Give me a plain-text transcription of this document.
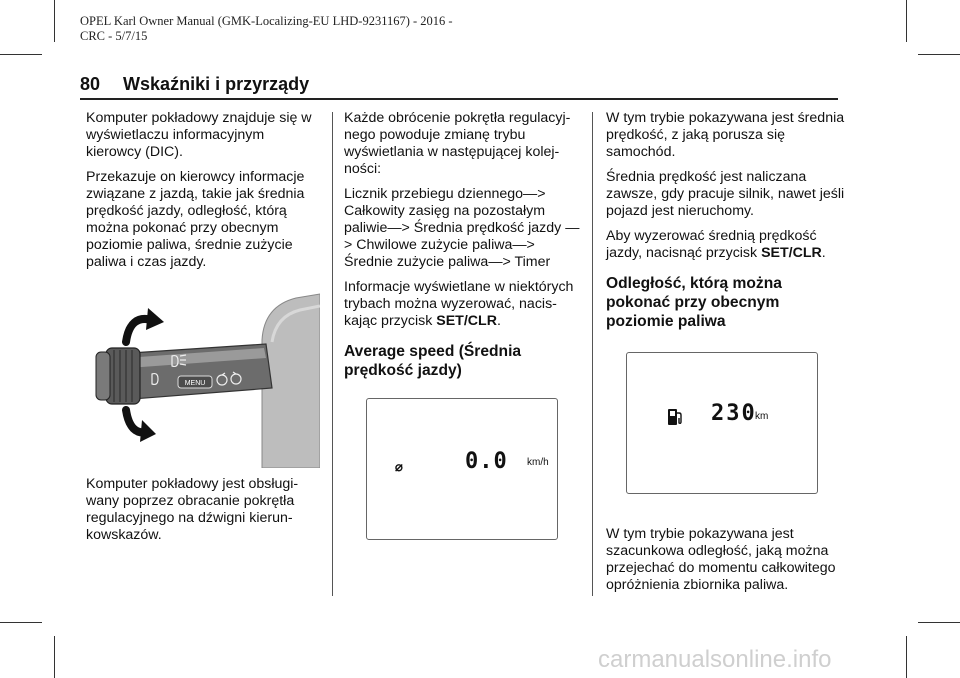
OPEL Karl Owner Manual (GMK-Localizing-EU LHD-9231167) - 2016 -
CRC - 5/7/15
80 Wskaźniki i przyrządy

Komputer pokładowy znajduje się w wyświetlaczu informacyjnym kierowcy (DIC).

Przekazuje on kierowcy informacje związane z jazdą, takie jak średnia prędkość jazdy, odległość, którą można pokonać przy obecnym poziomie paliwa, średnie zużycie paliwa i czas jazdy.

MENU

Komputer pokładowy jest obsługi- wany poprzez obracanie pokrętła regulacyjnego na dźwigni kierun- kowskazów.

Każde obrócenie pokrętła regulacyj- nego powoduje zmianę trybu wyświetlania w następującej kolej- ności:

Licznik przebiegu dziennego—> Całkowity zasięg na pozostałym paliwie—> Średnia prędkość jazdy —> Chwilowe zużycie paliwa—> Średnie zużycie paliwa—> Timer

Informacje wyświetlane w niektórych trybach można wyzerować, nacis- kając przycisk SET/CLR.

Average speed (Średnia
prędkość jazdy)
⌀	0.0 km/h

W tym trybie pokazywana jest średnia prędkość, z jaką porusza się samochód.

Średnia prędkość jest naliczana zawsze, gdy pracuje silnik, nawet jeśli pojazd jest nieruchomy.

Aby wyzerować średnią prędkość jazdy, nacisnąć przycisk SET/CLR.

Odległość, którą można
pokonać przy obecnym
poziomie paliwa
230
km

W tym trybie pokazywana jest szacunkowa odległość, jaką można przejechać do momentu całkowitego opróżnienia zbiornika paliwa.

carmanualsonline.info
